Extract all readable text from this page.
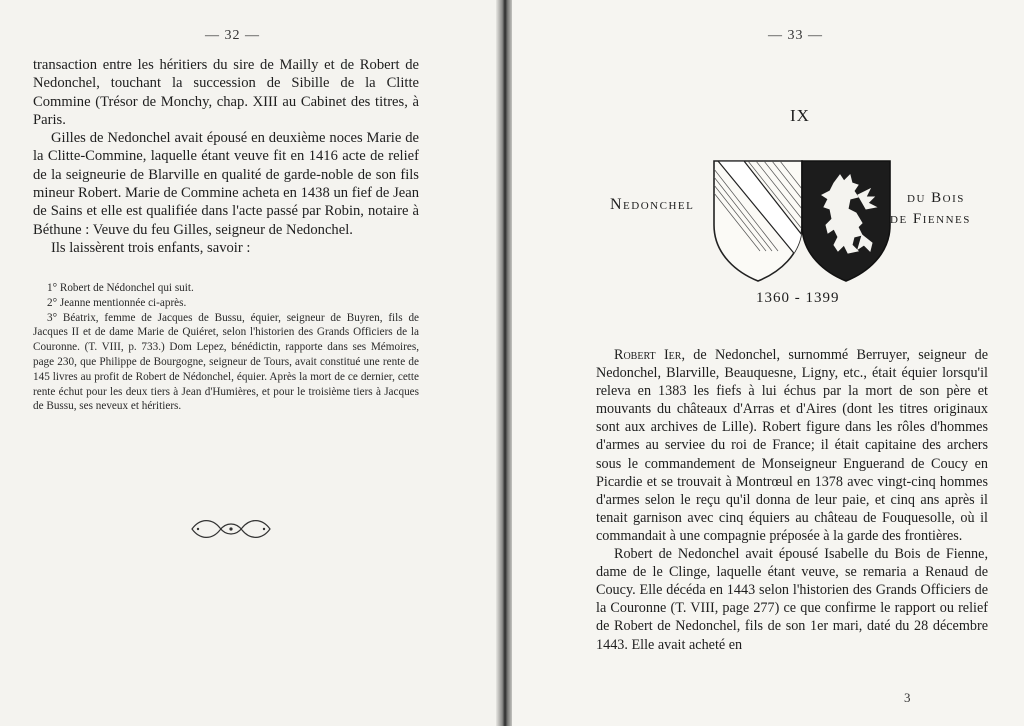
— 32 —

transaction entre les héritiers du sire de Mailly et de Robert de Nedonchel, touchant la succession de Sibille de la Clitte Commine (Trésor de Monchy, chap. XIII au Cabinet des titres, à Paris.

Gilles de Nedonchel avait épousé en deuxième noces Marie de la Clitte-Commine, laquelle étant veuve fit en 1416 acte de relief de la seigneurie de Blarville en qualité de garde-noble de son fils mineur Robert. Marie de Commine acheta en 1438 un fief de Jean de Sains et elle est qualifiée dans l'acte passé par Robin, notaire à Béthune : Veuve du feu Gilles, seigneur de Nedonchel.

Ils laissèrent trois enfants, savoir :

1° Robert de Nédonchel qui suit.

2° Jeanne mentionnée ci-après.

3° Béatrix, femme de Jacques de Bussu, équier, seigneur de Buyren, fils de Jacques II et de dame Marie de Quiéret, selon l'historien des Grands Officiers de la Couronne. (T. VIII, p. 733.) Dom Lepez, bénédictin, rapporte dans ses Mémoires, page 230, que Philippe de Bourgogne, seigneur de Tours, avait constitué une rente de 145 livres au profit de Robert de Nédonchel, équier. Après la mort de ce dernier, cette rente échut pour les deux tiers à Jean d'Humières, et pour le troisième tiers à Jacques de Bussu, ses neveux et héritiers.

— 33 —
IX
Nedonchel	du Bois
de Fiennes
1360 - 1399

Robert Ier, de Nedonchel, surnommé Berruyer, seigneur de Nedonchel, Blarville, Beauquesne, Ligny, etc., était équier lorsqu'il releva en 1383 les fiefs à lui échus par la mort de son père et mouvants du châteaux d'Arras et d'Aires (dont les titres originaux sont aux archives de Lille). Robert figure dans les rôles d'hommes d'armes au serviee du roi de France; il était capitaine des archers sous le commandement de Monseigneur Enguerand de Coucy en Picardie et se trouvait à Montrœul en 1378 avec vingt-cinq hommes d'armes selon le reçu qu'il donna de leur paie, et cinq ans après il tenait garnison avec cinq équiers au château de Fouquesolle, où il commandait à une compagnie préposée à la garde des frontières.

Robert de Nedonchel avait épousé Isabelle du Bois de Fienne, dame de le Clinge, laquelle étant veuve, se remaria a Renaud de Coucy. Elle décéda en 1443 selon l'historien des Grands Officiers de la Couronne (T. VIII, page 277) ce que confirme le rapport ou relief de Robert de Nedonchel, fils de son 1er mari, daté du 28 décembre 1443. Elle avait acheté en

3
